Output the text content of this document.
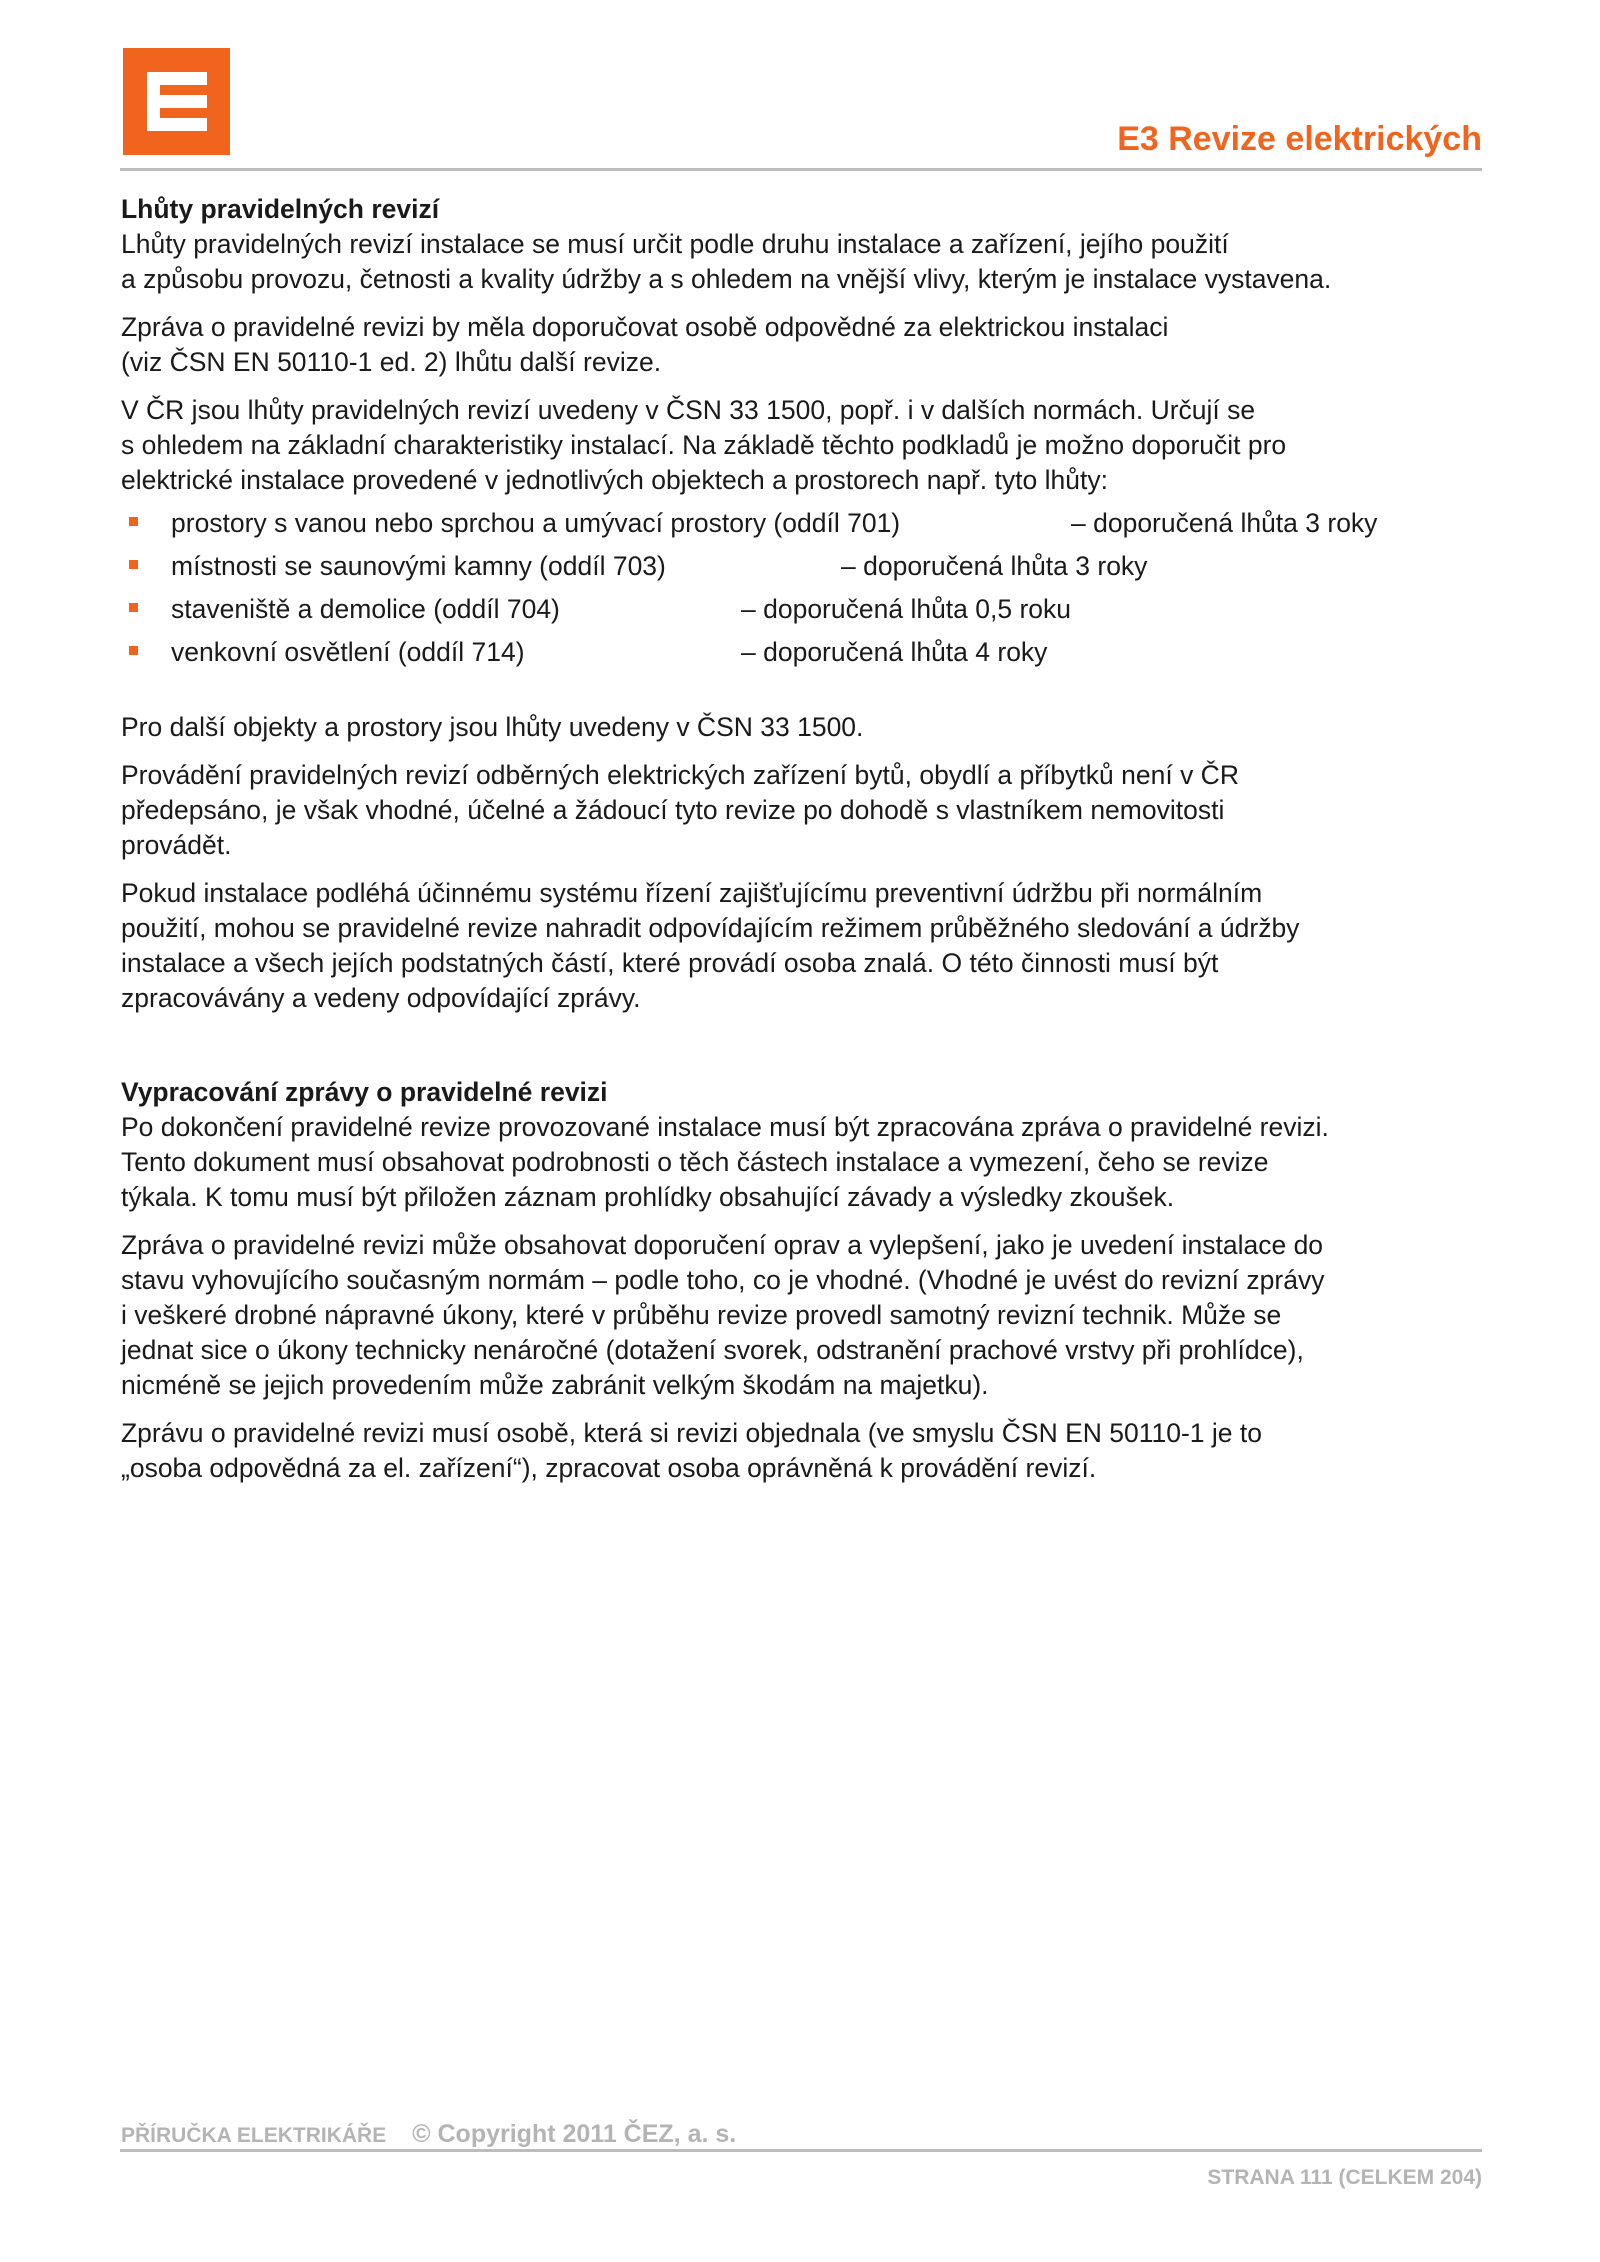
E3 Revize elektrických

Lhůty pravidelných revizí

Lhůty pravidelných revizí instalace se musí určit podle druhu instalace a zařízení, jejího použití
a způsobu provozu, četnosti a kvality údržby a s ohledem na vnější vlivy, kterým je instalace vystavena.

Zpráva o pravidelné revizi by měla doporučovat osobě odpovědné za elektrickou instalaci
(viz ČSN EN 50110-1 ed. 2) lhůtu další revize.

V ČR jsou lhůty pravidelných revizí uvedeny v ČSN 33 1500, popř. i v dalších normách. Určují se
s ohledem na základní charakteristiky instalací. Na základě těchto podkladů je možno doporučit pro
elektrické instalace provedené v jednotlivých objektech a prostorech např. tyto lhůty:

prostory s vanou nebo sprchou a umývací prostory (oddíl 701)	– doporučená lhůta 3 roky
místnosti se saunovými kamny (oddíl 703)	– doporučená lhůta 3 roky
staveniště a demolice (oddíl 704)	– doporučená lhůta 0,5 roku
venkovní osvětlení (oddíl 714)	– doporučená lhůta 4 roky

Pro další objekty a prostory jsou lhůty uvedeny v ČSN 33 1500.

Provádění pravidelných revizí odběrných elektrických zařízení bytů, obydlí a příbytků není v ČR
předepsáno, je však vhodné, účelné a žádoucí tyto revize po dohodě s vlastníkem nemovitosti
provádět.

Pokud instalace podléhá účinnému systému řízení zajišťujícímu preventivní údržbu při normálním
použití, mohou se pravidelné revize nahradit odpovídajícím režimem průběžného sledování a údržby
instalace a všech jejích podstatných částí, které provádí osoba znalá. O této činnosti musí být
zpracovávány a vedeny odpovídající zprávy.

Vypracování zprávy o pravidelné revizi

Po dokončení pravidelné revize provozované instalace musí být zpracována zpráva o pravidelné revizi.
Tento dokument musí obsahovat podrobnosti o těch částech instalace a vymezení, čeho se revize
týkala. K tomu musí být přiložen záznam prohlídky obsahující závady a výsledky zkoušek.

Zpráva o pravidelné revizi může obsahovat doporučení oprav a vylepšení, jako je uvedení instalace do
stavu vyhovujícího současným normám – podle toho, co je vhodné. (Vhodné je uvést do revizní zprávy
i veškeré drobné nápravné úkony, které v průběhu revize provedl samotný revizní technik. Může se
jednat sice o úkony technicky nenáročné (dotažení svorek, odstranění prachové vrstvy při prohlídce),
nicméně se jejich provedením může zabránit velkým škodám na majetku).

Zprávu o pravidelné revizi musí osobě, která si revizi objednala (ve smyslu ČSN EN 50110-1 je to
„osoba odpovědná za el. zařízení“), zpracovat osoba oprávněná k provádění revizí.

PŘÍRUČKA ELEKTRIKÁŘE © Copyright 2011 ČEZ, a. s.
STRANA 111 (CELKEM 204)
